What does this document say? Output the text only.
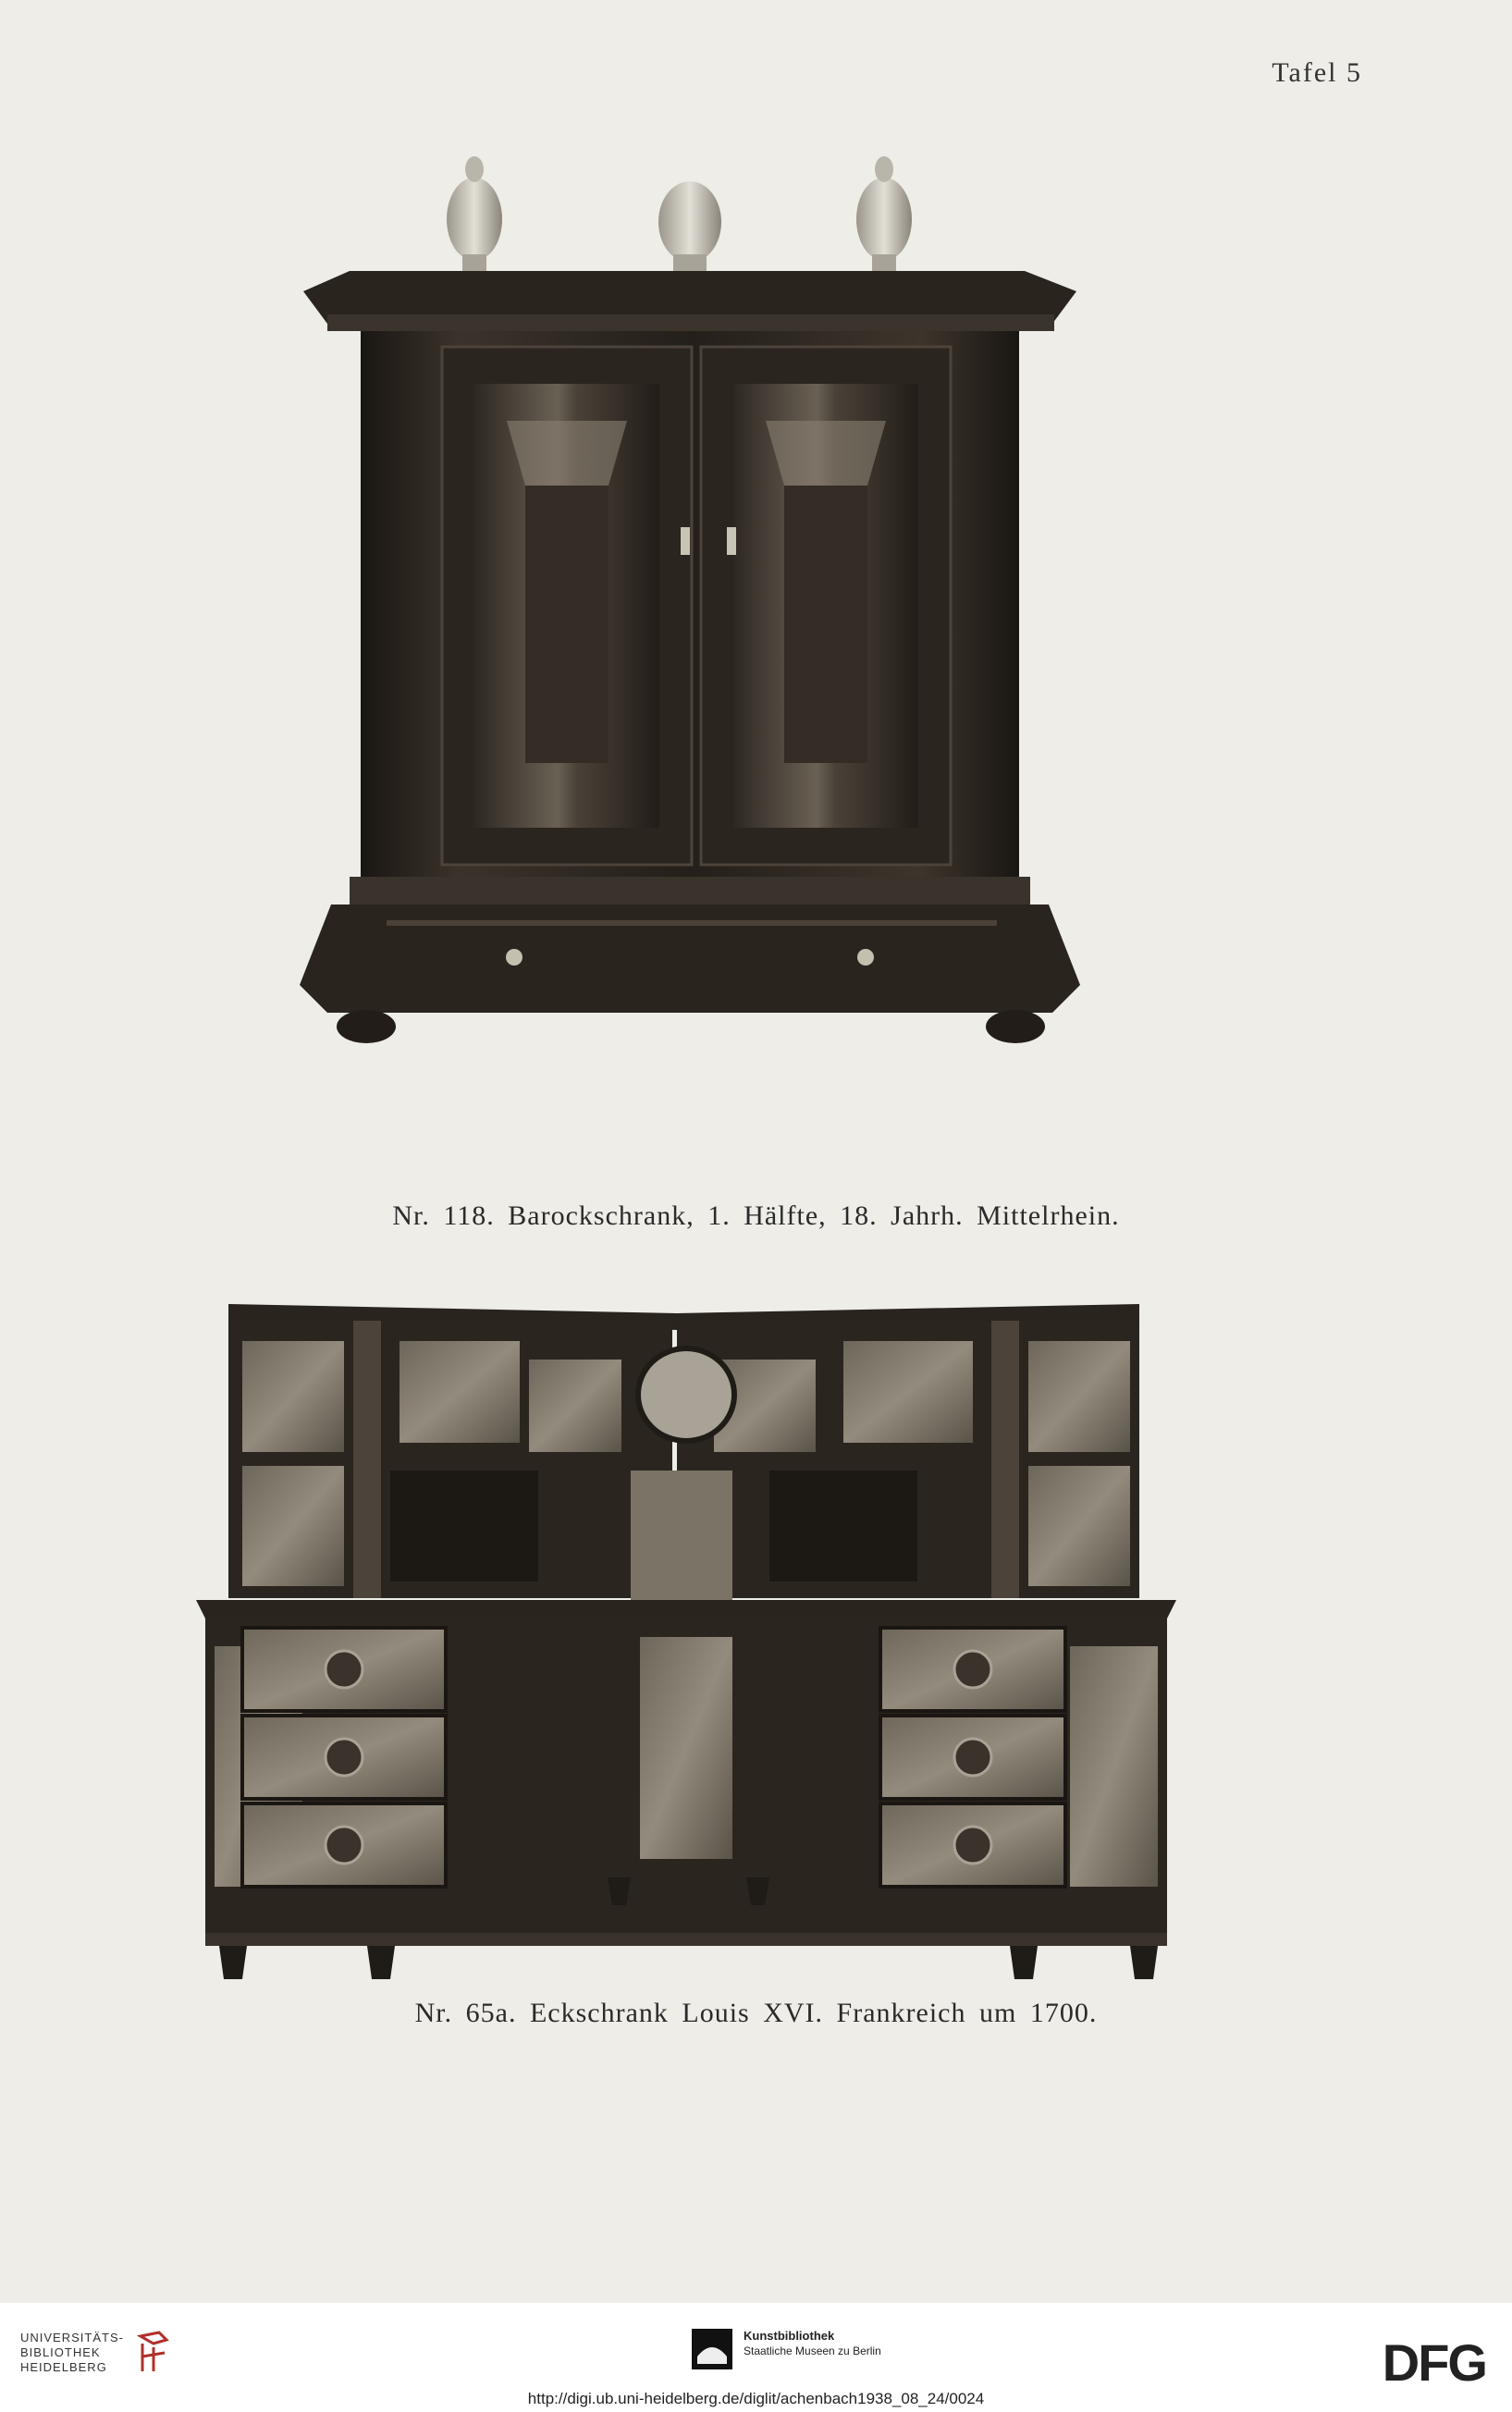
Tafel 5
Nr. 118. Barockschrank, 1. Hälfte, 18. Jahrh. Mittelrhein.
Nr. 65a. Eckschrank Louis XVI. Frankreich um 1700.
UNIVERSITÄTS-
BIBLIOTHEK
HEIDELBERG
Kunstbibliothek
Staatliche Museen zu Berlin	DFG
http://digi.ub.uni-heidelberg.de/diglit/achenbach1938_08_24/0024
